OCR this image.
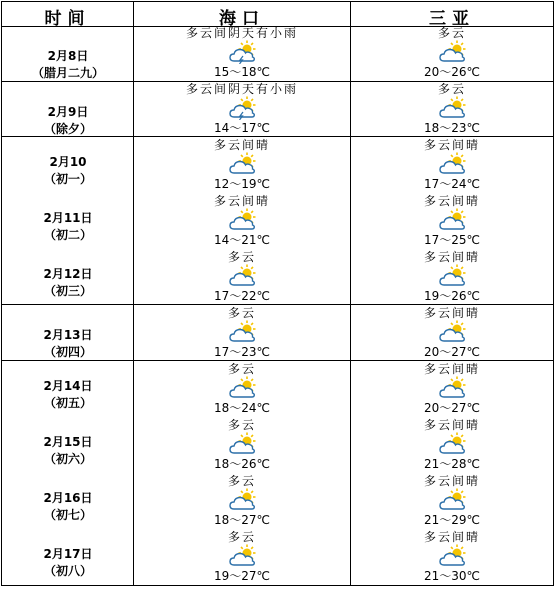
时间	海口	三亚
2月8日
（腊月二九）
多云间阴天有小雨
15～18℃
多云
20～26℃
2月9日
（除夕）
多云间阴天有小雨
14～17℃
多云
18～23℃
2月10
（初一）
多云间晴
12～19℃
多云间晴
17～24℃
2月11日
（初二）
多云间晴
14～21℃
多云间晴
17～25℃
2月12日
（初三）
多云
17～22℃
多云间晴
19～26℃
2月13日
（初四）
多云
17～23℃
多云间晴
20～27℃
2月14日
（初五）
多云
18～24℃
多云间晴
20～27℃
2月15日
（初六）
多云
18～26℃
多云间晴
21～28℃
2月16日
（初七）
多云
18～27℃
多云间晴
21～29℃
2月17日
（初八）
多云
19～27℃
多云间晴
21～30℃
